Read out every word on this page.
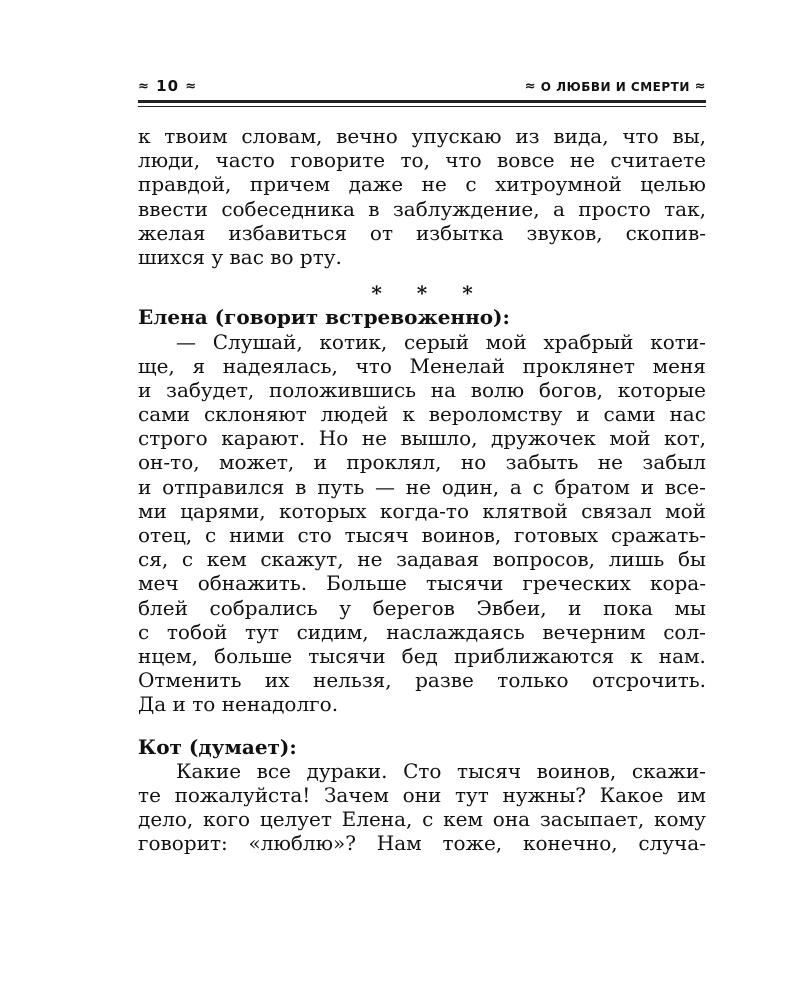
≈ 10 ≈	≈ О ЛЮБВИ И СМЕРТИ ≈
к твоим словам, вечно упускаю из вида, что вы,
люди, часто говорите то, что вовсе не считаете
правдой, причем даже не с хитроумной целью
ввести собеседника в заблуждение, а просто так,
желая избавиться от избытка звуков, скопив-
шихся у вас во рту.
* * *
Елена (говорит встревоженно):
— Слушай, котик, серый мой храбрый коти-
ще, я надеялась, что Менелай проклянет меня
и забудет, положившись на волю богов, которые
сами склоняют людей к вероломству и сами нас
строго карают. Но не вышло, дружочек мой кот,
он-то, может, и проклял, но забыть не забыл
и отправился в путь — не один, а с братом и все-
ми царями, которых когда-то клятвой связал мой
отец, с ними сто тысяч воинов, готовых сражать-
ся, с кем скажут, не задавая вопросов, лишь бы
меч обнажить. Больше тысячи греческих кора-
блей собрались у берегов Эвбеи, и пока мы
с тобой тут сидим, наслаждаясь вечерним сол-
нцем, больше тысячи бед приближаются к нам.
Отменить их нельзя, разве только отсрочить.
Да и то ненадолго.
Кот (думает):
Какие все дураки. Сто тысяч воинов, скажи-
те пожалуйста! Зачем они тут нужны? Какое им
дело, кого целует Елена, с кем она засыпает, кому
говорит: «люблю»? Нам тоже, конечно, случа-
